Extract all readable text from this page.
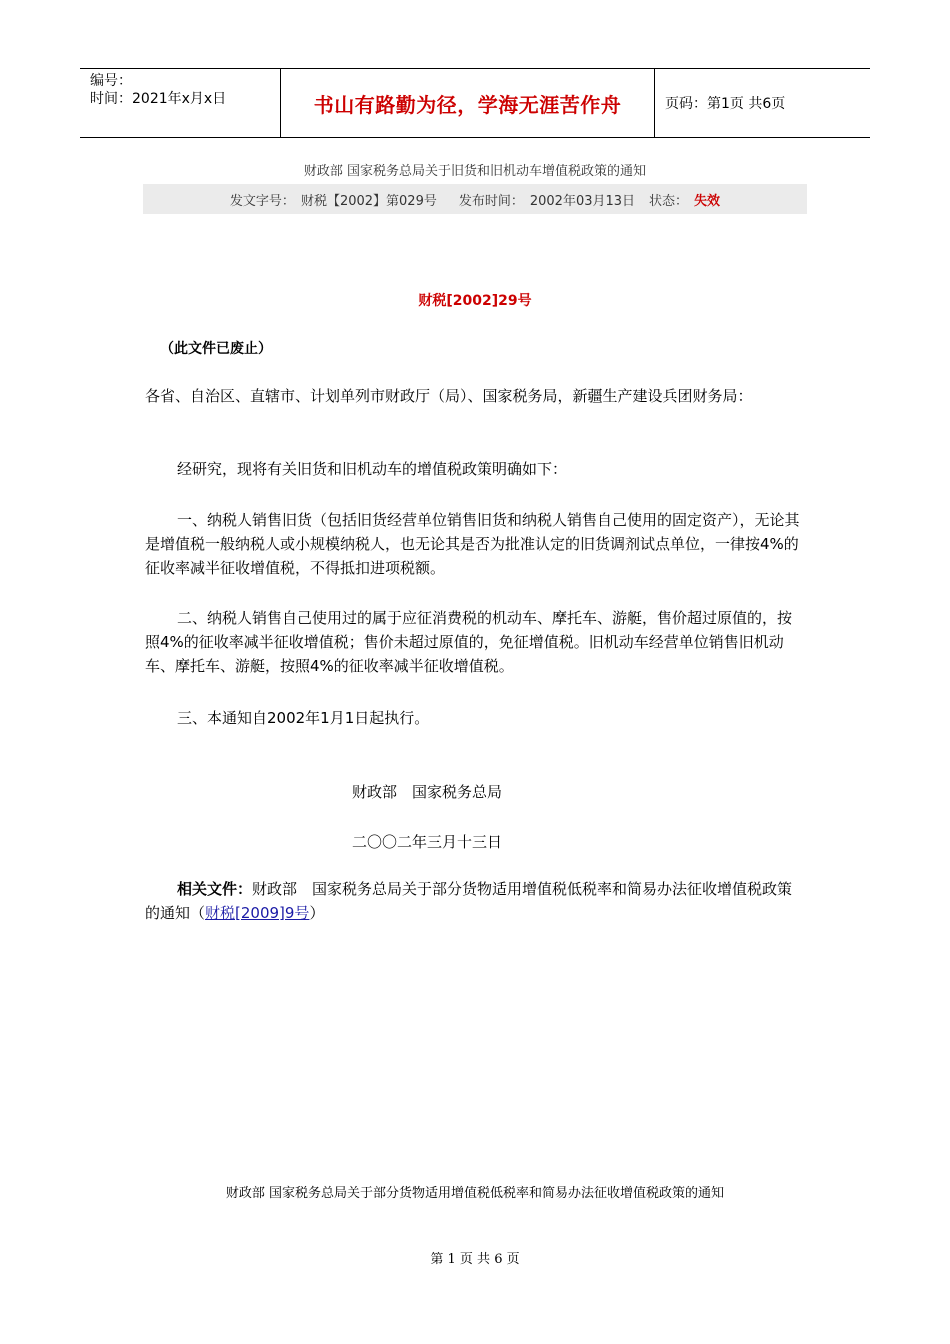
编号：
时间：2021年x月x日	书山有路勤为径，学海无涯苦作舟	页码：第1页 共6页
财政部 国家税务总局关于旧货和旧机动车增值税政策的通知
发文字号： 财税【2002】第029号 发布时间： 2002年03月13日 状态： 失效
财税[2002]29号
（此文件已废止）
各省、自治区、直辖市、计划单列市财政厅（局）、国家税务局，新疆生产建设兵团财务局：
经研究，现将有关旧货和旧机动车的增值税政策明确如下：
一、纳税人销售旧货（包括旧货经营单位销售旧货和纳税人销售自己使用的固定资产），无论其是增值税一般纳税人或小规模纳税人，也无论其是否为批准认定的旧货调剂试点单位，一律按4%的征收率减半征收增值税，不得抵扣进项税额。
二、纳税人销售自己使用过的属于应征消费税的机动车、摩托车、游艇，售价超过原值的，按照4%的征收率减半征收增值税；售价未超过原值的，免征增值税。旧机动车经营单位销售旧机动车、摩托车、游艇，按照4%的征收率减半征收增值税。
三、本通知自2002年1月1日起执行。
财政部　国家税务总局
二〇〇二年三月十三日
相关文件：财政部　国家税务总局关于部分货物适用增值税低税率和简易办法征收增值税政策的通知（财税[2009]9号）
财政部 国家税务总局关于部分货物适用增值税低税率和简易办法征收增值税政策的通知
第 1 页 共 6 页
